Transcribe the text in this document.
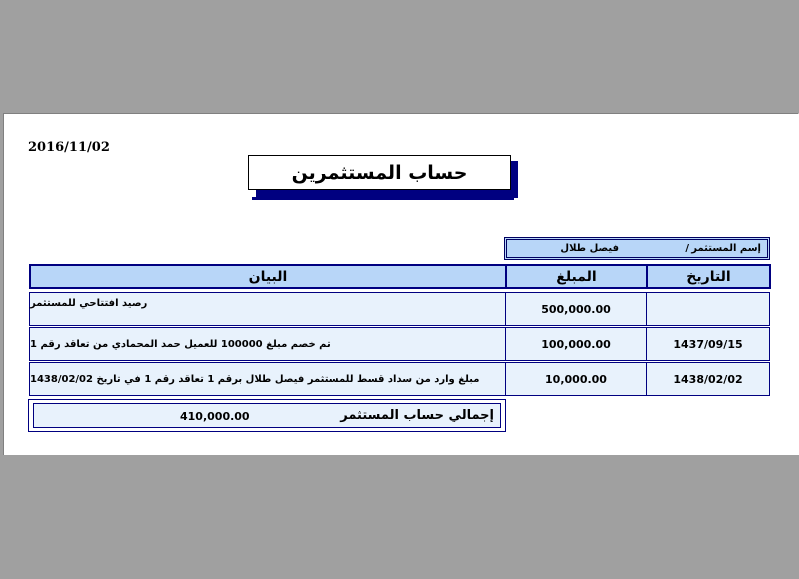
2016/11/02
حساب المستثمرين
إسم المستثمر
/
فيصل طلال
التاريخ
المبلغ
البيان
500,000.00
رصيد افتتاحي للمستثمر
1437/09/15
100,000.00
تم خصم مبلغ 100000 للعميل حمد المحمادي من تعاقد رقم 1
1438/02/02
10,000.00
مبلغ وارد من سداد قسط للمستثمر فيصل طلال برقم 1 تعاقد رقم 1 في تاريخ 1438/02/02
إجمالي حساب المستثمر
410,000.00
